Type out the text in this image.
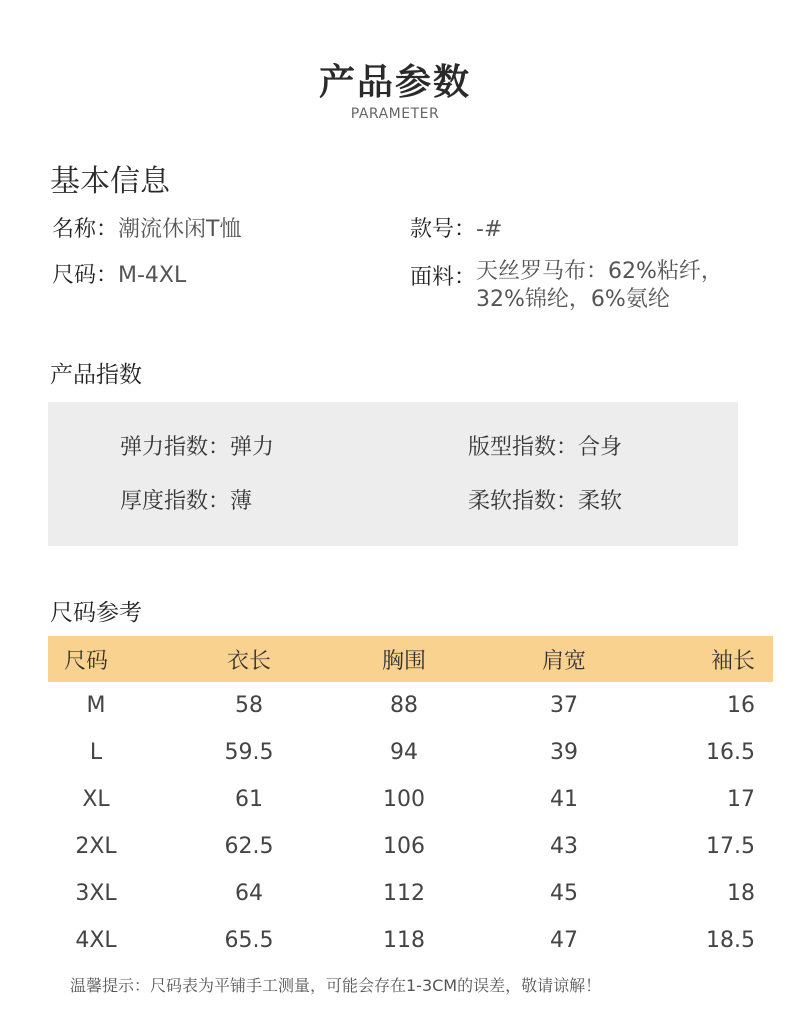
产品参数
PARAMETER
基本信息
名称：潮流休闲T恤	款号：-#
尺码：M-4XL	面料：天丝罗马布：62%粘纤，
32%锦纶，6%氨纶
产品指数
弹力指数：弹力	版型指数：合身
厚度指数：薄	柔软指数：柔软
尺码参考
尺码	衣长	胸围	肩宽	袖长
M	58	88	37	16
L	59.5	94	39	16.5
XL	61	100	41	17
2XL	62.5	106	43	17.5
3XL	64	112	45	18
4XL	65.5	118	47	18.5
温馨提示：尺码表为平铺手工测量，可能会存在1-3CM的误差，敬请谅解！
